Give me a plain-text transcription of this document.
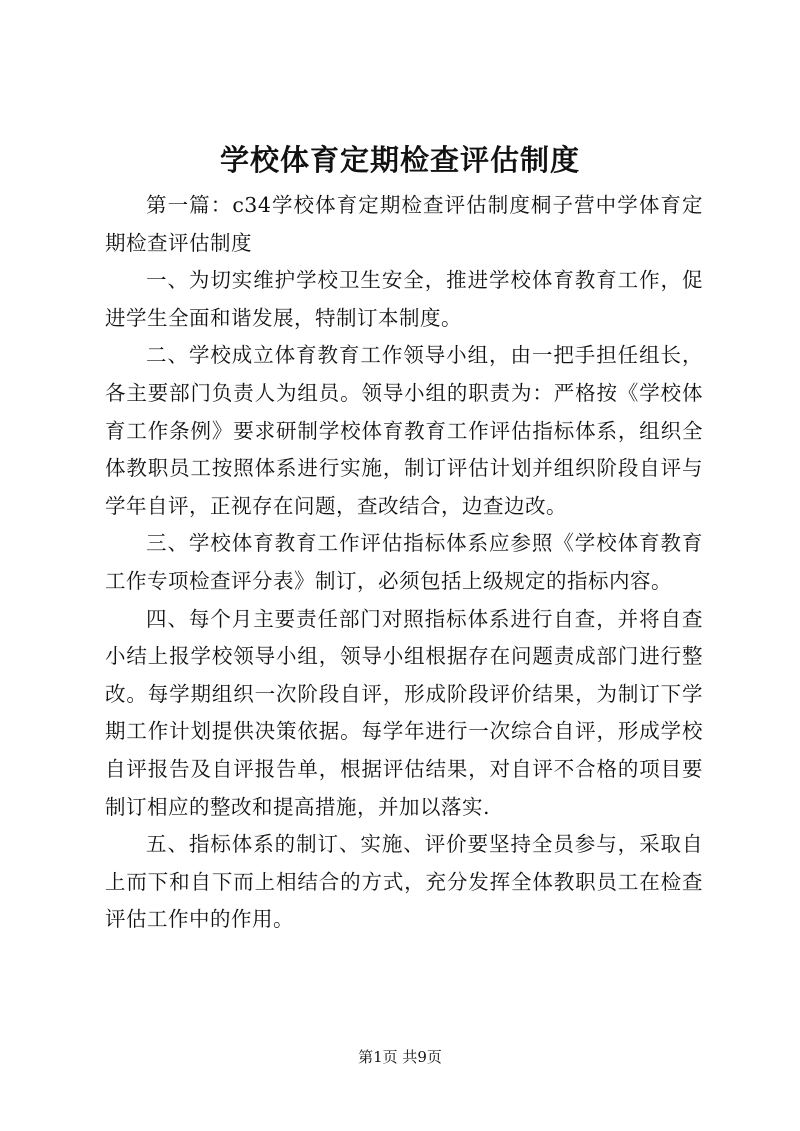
学校体育定期检查评估制度

第一篇：c34学校体育定期检查评估制度桐子营中学体育定期检查评估制度

一、为切实维护学校卫生安全，推进学校体育教育工作，促进学生全面和谐发展，特制订本制度。

二、学校成立体育教育工作领导小组，由一把手担任组长，各主要部门负责人为组员。领导小组的职责为：严格按《学校体育工作条例》要求研制学校体育教育工作评估指标体系，组织全体教职员工按照体系进行实施，制订评估计划并组织阶段自评与学年自评，正视存在问题，查改结合，边查边改。

三、学校体育教育工作评估指标体系应参照《学校体育教育工作专项检查评分表》制订，必须包括上级规定的指标内容。

四、每个月主要责任部门对照指标体系进行自查，并将自查小结上报学校领导小组，领导小组根据存在问题责成部门进行整改。每学期组织一次阶段自评，形成阶段评价结果，为制订下学期工作计划提供决策依据。每学年进行一次综合自评，形成学校自评报告及自评报告单，根据评估结果，对自评不合格的项目要制订相应的整改和提高措施，并加以落实.

五、指标体系的制订、实施、评价要坚持全员参与，采取自上而下和自下而上相结合的方式，充分发挥全体教职员工在检查评估工作中的作用。

第1页 共9页
